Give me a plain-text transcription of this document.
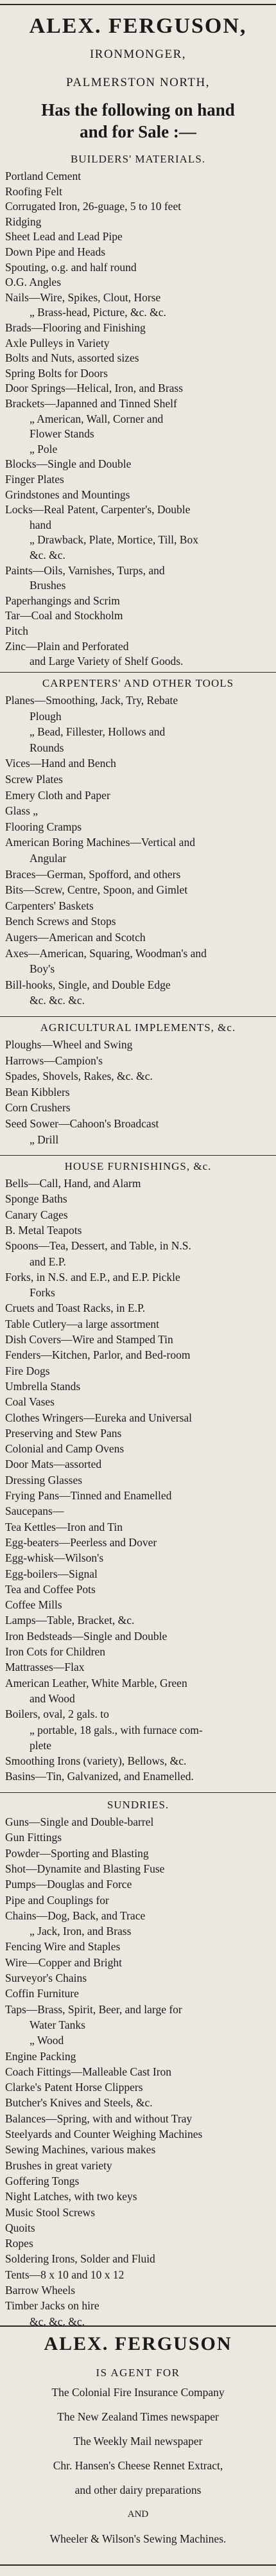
ALEX. FERGUSON,
IRONMONGER,
PALMERSTON NORTH,
Has the following on hand
and for Sale :—
BUILDERS' MATERIALS.
Portland Cement
Roofing Felt
Corrugated Iron, 26-guage, 5 to 10 feet
Ridging
Sheet Lead and Lead Pipe
Down Pipe and Heads
Spouting, o.g. and half round
O.G. Angles
Nails—Wire, Spikes, Clout, Horse
„ Brass-head, Picture, &c. &c.
Brads—Flooring and Finishing
Axle Pulleys in Variety
Bolts and Nuts, assorted sizes
Spring Bolts for Doors
Door Springs—Helical, Iron, and Brass
Brackets—Japanned and Tinned Shelf
„ American, Wall, Corner and
Flower Stands
„ Pole
Blocks—Single and Double
Finger Plates
Grindstones and Mountings
Locks—Real Patent, Carpenter's, Double
hand
„ Drawback, Plate, Mortice, Till, Box
&c. &c.
Paints—Oils, Varnishes, Turps, and
Brushes
Paperhangings and Scrim
Tar—Coal and Stockholm
Pitch
Zinc—Plain and Perforated
and Large Variety of Shelf Goods.
CARPENTERS' AND OTHER TOOLS
Planes—Smoothing, Jack, Try, Rebate
Plough
„ Bead, Fillester, Hollows and
Rounds
Vices—Hand and Bench
Screw Plates
Emery Cloth and Paper
Glass „
Flooring Cramps
American Boring Machines—Vertical and
Angular
Braces—German, Spofford, and others
Bits—Screw, Centre, Spoon, and Gimlet
Carpenters' Baskets
Bench Screws and Stops
Augers—American and Scotch
Axes—American, Squaring, Woodman's and
Boy's
Bill-hooks, Single, and Double Edge
&c. &c. &c.
AGRICULTURAL IMPLEMENTS, &c.
Ploughs—Wheel and Swing
Harrows—Campion's
Spades, Shovels, Rakes, &c. &c.
Bean Kibblers
Corn Crushers
Seed Sower—Cahoon's Broadcast
„ Drill
HOUSE FURNISHINGS, &c.
Bells—Call, Hand, and Alarm
Sponge Baths
Canary Cages
B. Metal Teapots
Spoons—Tea, Dessert, and Table, in N.S.
and E.P.
Forks, in N.S. and E.P., and E.P. Pickle
Forks
Cruets and Toast Racks, in E.P.
Table Cutlery—a large assortment
Dish Covers—Wire and Stamped Tin
Fenders—Kitchen, Parlor, and Bed-room
Fire Dogs
Umbrella Stands
Coal Vases
Clothes Wringers—Eureka and Universal
Preserving and Stew Pans
Colonial and Camp Ovens
Door Mats—assorted
Dressing Glasses
Frying Pans—Tinned and Enamelled
Saucepans—
Tea Kettles—Iron and Tin
Egg-beaters—Peerless and Dover
Egg-whisk—Wilson's
Egg-boilers—Signal
Tea and Coffee Pots
Coffee Mills
Lamps—Table, Bracket, &c.
Iron Bedsteads—Single and Double
Iron Cots for Children
Mattrasses—Flax
American Leather, White Marble, Green
and Wood
Boilers, oval, 2 gals. to
„ portable, 18 gals., with furnace com-
plete
Smoothing Irons (variety), Bellows, &c.
Basins—Tin, Galvanized, and Enamelled.
SUNDRIES.
Guns—Single and Double-barrel
Gun Fittings
Powder—Sporting and Blasting
Shot—Dynamite and Blasting Fuse
Pumps—Douglas and Force
Pipe and Couplings for
Chains—Dog, Back, and Trace
„ Jack, Iron, and Brass
Fencing Wire and Staples
Wire—Copper and Bright
Surveyor's Chains
Coffin Furniture
Taps—Brass, Spirit, Beer, and large for
Water Tanks
„ Wood
Engine Packing
Coach Fittings—Malleable Cast Iron
Clarke's Patent Horse Clippers
Butcher's Knives and Steels, &c.
Balances—Spring, with and without Tray
Steelyards and Counter Weighing Machines
Sewing Machines, various makes
Brushes in great variety
Goffering Tongs
Night Latches, with two keys
Music Stool Screws
Quoits
Ropes
Soldering Irons, Solder and Fluid
Tents—8 x 10 and 10 x 12
Barrow Wheels
Timber Jacks on hire
&c. &c. &c.
ALEX. FERGUSON
IS AGENT FOR
The Colonial Fire Insurance Company
The New Zealand Times newspaper
The Weekly Mail newspaper
Chr. Hansen's Cheese Rennet Extract,
and other dairy preparations
AND
Wheeler & Wilson's Sewing Machines.
